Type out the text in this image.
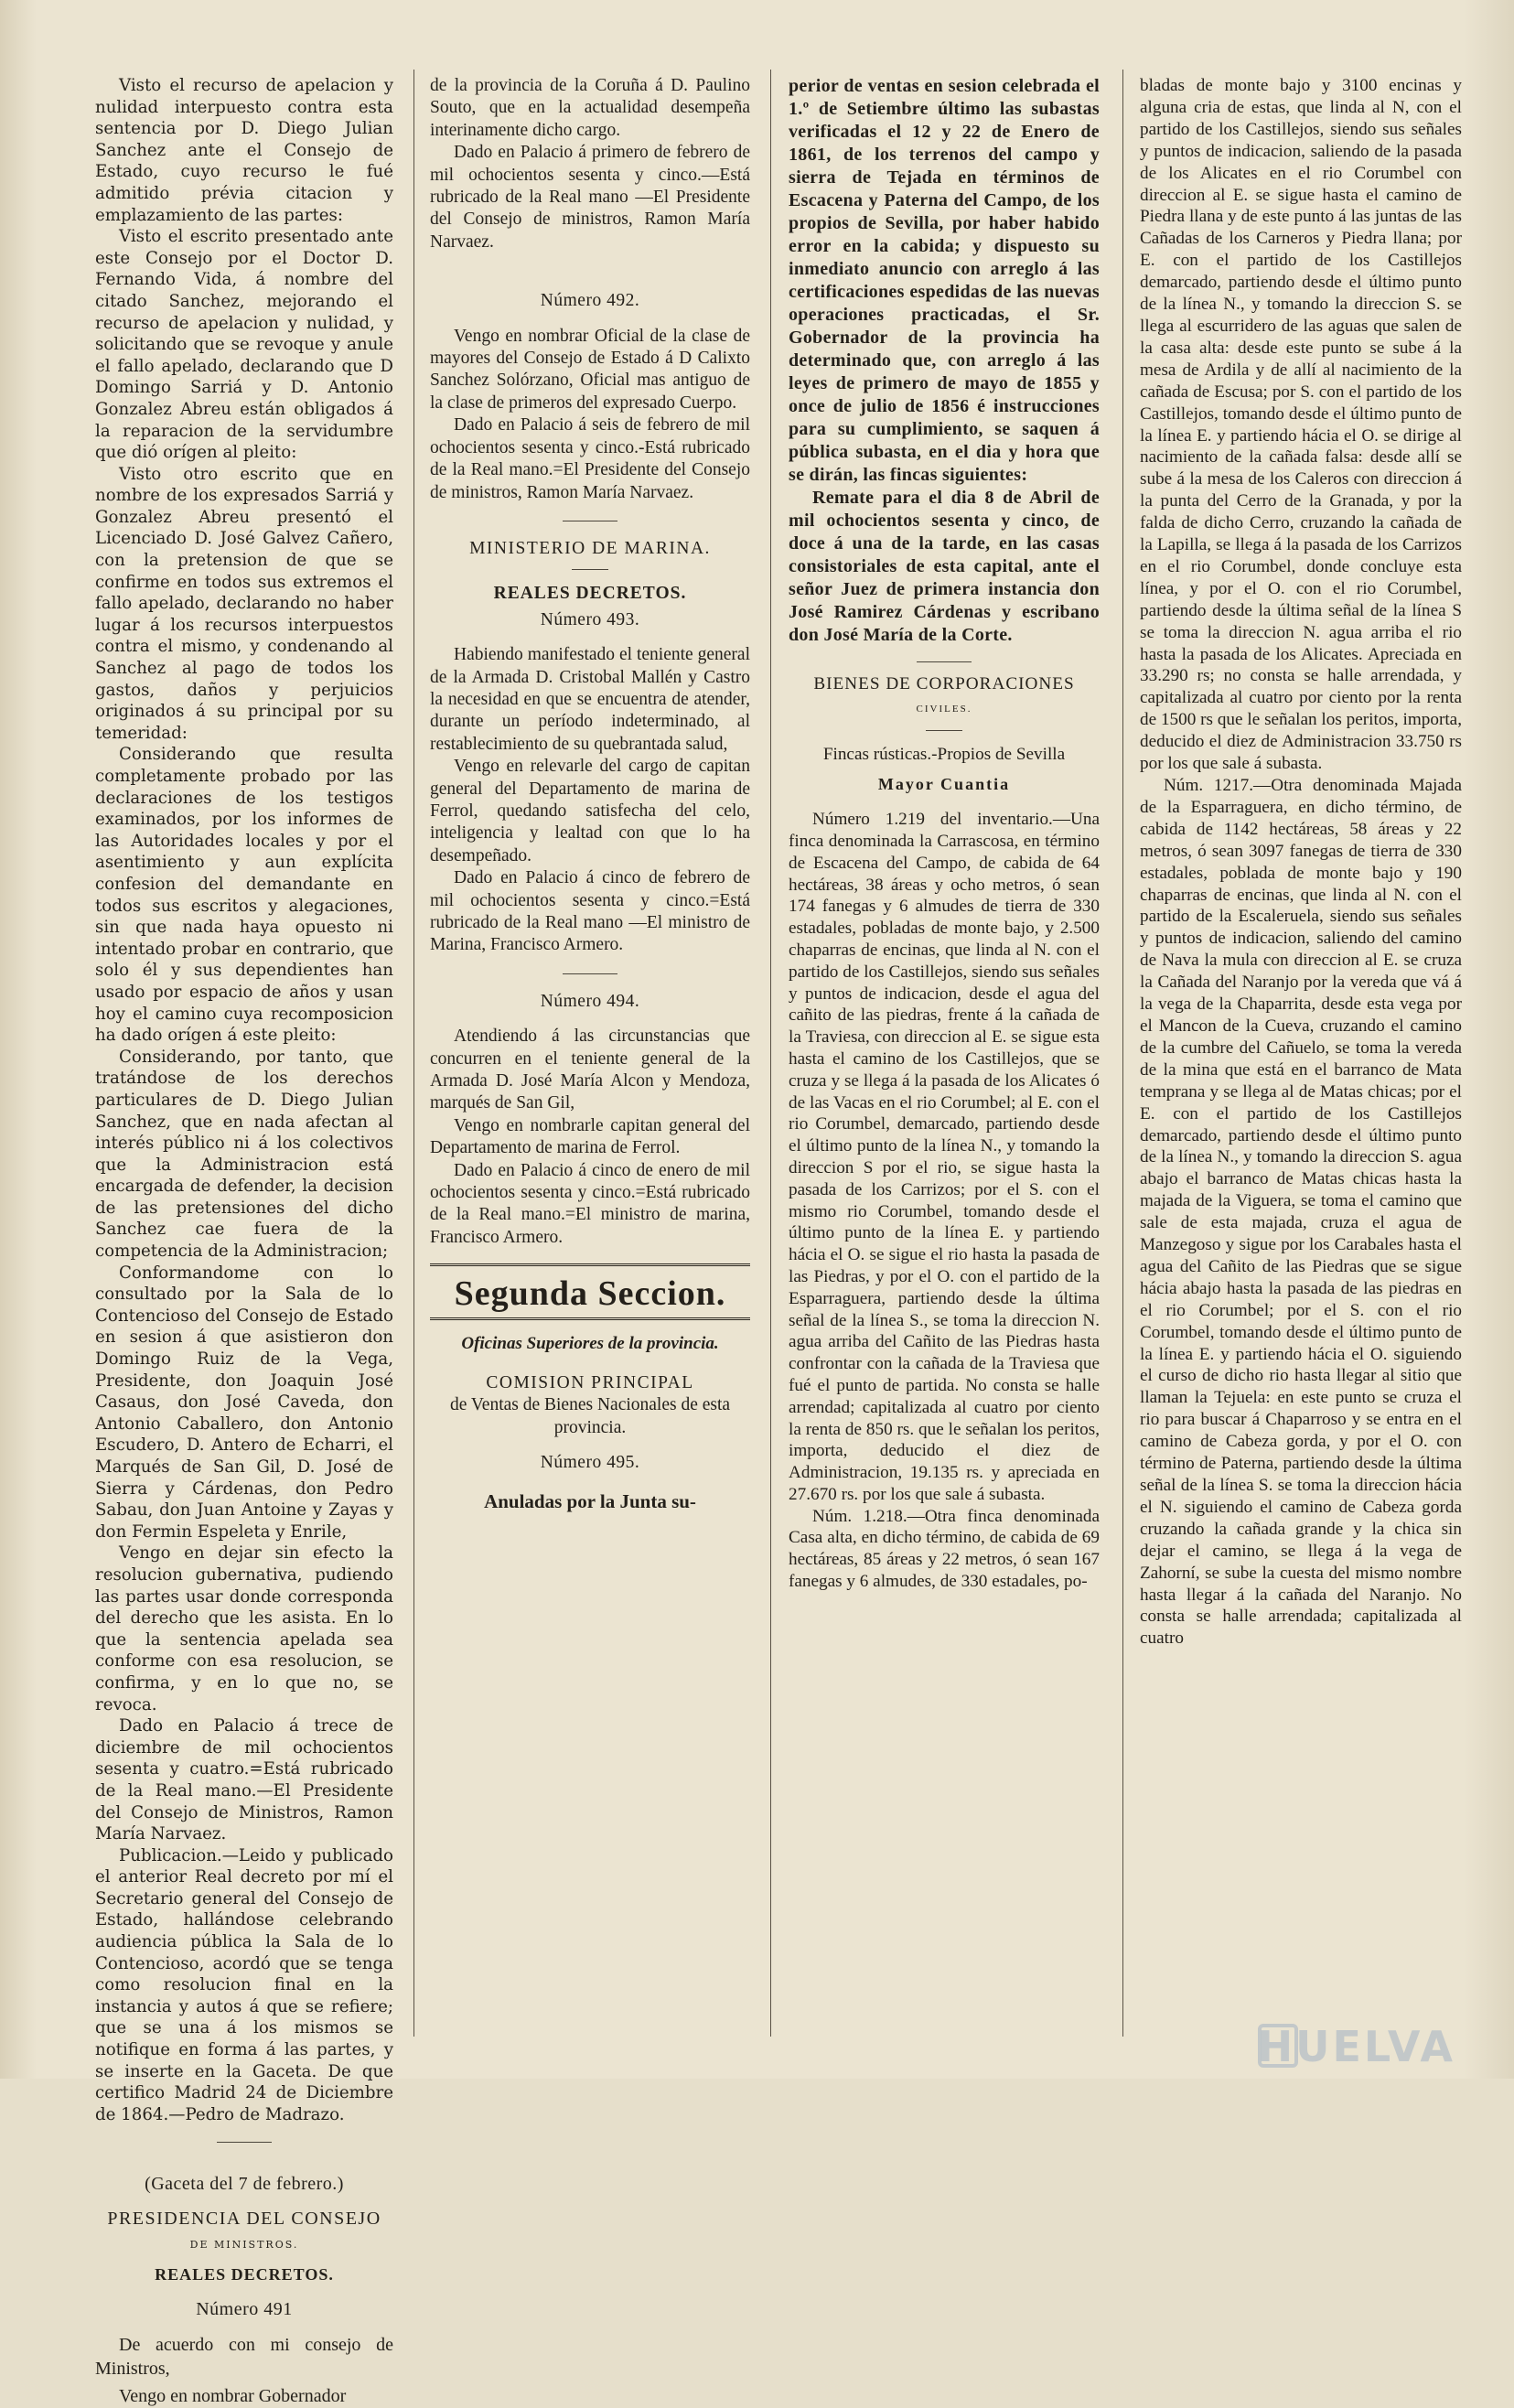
Visto el recurso de apelacion y nulidad interpuesto contra esta sentencia por D. Diego Julian Sanchez ante el Consejo de Estado, cuyo recurso le fué admitido prévia citacion y emplazamiento de las partes:

Visto el escrito presentado ante este Consejo por el Doctor D. Fernando Vida, á nombre del citado Sanchez, mejorando el recurso de apelacion y nulidad, y solicitando que se revoque y anule el fallo apelado, declarando que D Domingo Sarriá y D. Antonio Gonzalez Abreu están obligados á la reparacion de la servidumbre que dió orígen al pleito:

Visto otro escrito que en nombre de los expresados Sarriá y Gonzalez Abreu presentó el Licenciado D. José Galvez Cañero, con la pretension de que se confirme en todos sus extremos el fallo apelado, declarando no haber lugar á los recursos interpuestos contra el mismo, y condenando al Sanchez al pago de todos los gastos, daños y perjuicios originados á su principal por su temeridad:

Considerando que resulta completamente probado por las declaraciones de los testigos examinados, por los informes de las Autoridades locales y por el asentimiento y aun explícita confesion del demandante en todos sus escritos y alegaciones, sin que nada haya opuesto ni intentado probar en contrario, que solo él y sus dependientes han usado por espacio de años y usan hoy el camino cuya recomposicion ha dado orígen á este pleito:

Considerando, por tanto, que tratándose de los derechos particulares de D. Diego Julian Sanchez, que en nada afectan al interés público ni á los colectivos que la Administracion está encargada de defender, la decision de las pretensiones del dicho Sanchez cae fuera de la competencia de la Administracion;

Conformandome con lo consultado por la Sala de lo Contencioso del Consejo de Estado en sesion á que asistieron don Domingo Ruiz de la Vega, Presidente, don Joaquin José Casaus, don José Caveda, don Antonio Caballero, don Antonio Escudero, D. Antero de Echarri, el Marqués de San Gil, D. José de Sierra y Cárdenas, don Pedro Sabau, don Juan Antoine y Zayas y don Fermin Espeleta y Enrile,

Vengo en dejar sin efecto la resolucion gubernativa, pudiendo las partes usar donde corresponda del derecho que les asista. En lo que la sentencia apelada sea conforme con esa resolucion, se confirma, y en lo que no, se revoca.

Dado en Palacio á trece de diciembre de mil ochocientos sesenta y cuatro.=Está rubricado de la Real mano.—El Presidente del Consejo de Ministros, Ramon María Narvaez.

Publicacion.—Leido y publicado el anterior Real decreto por mí el Secretario general del Consejo de Estado, hallándose celebrando audiencia pública la Sala de lo Contencioso, acordó que se tenga como resolucion final en la instancia y autos á que se refiere; que se una á los mismos se notifique en forma á las partes, y se inserte en la Gaceta. De que certifico Madrid 24 de Diciembre de 1864.—Pedro de Madrazo.

(Gaceta del 7 de febrero.)

PRESIDENCIA DEL CONSEJO

DE MINISTROS.

REALES DECRETOS.

Número 491

De acuerdo con mi consejo de Ministros,

Vengo en nombrar Gobernador

de la provincia de la Coruña á D. Paulino Souto, que en la actualidad desempeña interinamente dicho cargo.

Dado en Palacio á primero de febrero de mil ochocientos sesenta y cinco.—Está rubricado de la Real mano —El Presidente del Consejo de ministros, Ramon María Narvaez.

Número 492.

Vengo en nombrar Oficial de la clase de mayores del Consejo de Estado á D Calixto Sanchez Solórzano, Oficial mas antiguo de la clase de primeros del expresado Cuerpo.

Dado en Palacio á seis de febrero de mil ochocientos sesenta y cinco.-Está rubricado de la Real mano.=El Presidente del Consejo de ministros, Ramon María Narvaez.

MINISTERIO DE MARINA.

REALES DECRETOS.

Número 493.

Habiendo manifestado el teniente general de la Armada D. Cristobal Mallén y Castro la necesidad en que se encuentra de atender, durante un período indeterminado, al restablecimiento de su quebrantada salud,

Vengo en relevarle del cargo de capitan general del Departamento de marina de Ferrol, quedando satisfecha del celo, inteligencia y lealtad con que lo ha desempeñado.

Dado en Palacio á cinco de febrero de mil ochocientos sesenta y cinco.=Está rubricado de la Real mano —El ministro de Marina, Francisco Armero.

Número 494.

Atendiendo á las circunstancias que concurren en el teniente general de la Armada D. José María Alcon y Mendoza, marqués de San Gil,

Vengo en nombrarle capitan general del Departamento de marina de Ferrol.

Dado en Palacio á cinco de enero de mil ochocientos sesenta y cinco.=Está rubricado de la Real mano.=El ministro de marina, Francisco Armero.

Segunda Seccion.

Oficinas Superiores de la provincia.

COMISION PRINCIPAL

de Ventas de Bienes Nacionales de esta provincia.

Número 495.

Anuladas por la Junta su-

perior de ventas en sesion celebrada el 1.º de Setiembre último las subastas verificadas el 12 y 22 de Enero de 1861, de los terrenos del campo y sierra de Tejada en términos de Escacena y Paterna del Campo, de los propios de Sevilla, por haber habido error en la cabida; y dispuesto su inmediato anuncio con arreglo á las certificaciones espedidas de las nuevas operaciones practicadas, el Sr. Gobernador de la provincia ha determinado que, con arreglo á las leyes de primero de mayo de 1855 y once de julio de 1856 é instrucciones para su cumplimiento, se saquen á pública subasta, en el dia y hora que se dirán, las fincas siguientes:

Remate para el dia 8 de Abril de mil ochocientos sesenta y cinco, de doce á una de la tarde, en las casas consistoriales de esta capital, ante el señor Juez de primera instancia don José Ramirez Cárdenas y escribano don José María de la Corte.

BIENES DE CORPORACIONES

CIVILES.

Fincas rústicas.-Propios de Sevilla

Mayor Cuantia

Número 1.219 del inventario.—Una finca denominada la Carrascosa, en término de Escacena del Campo, de cabida de 64 hectáreas, 38 áreas y ocho metros, ó sean 174 fanegas y 6 almudes de tierra de 330 estadales, pobladas de monte bajo, y 2.500 chaparras de encinas, que linda al N. con el partido de los Castillejos, siendo sus señales y puntos de indicacion, desde el agua del cañito de las piedras, frente á la cañada de la Traviesa, con direccion al E. se sigue esta hasta el camino de los Castillejos, que se cruza y se llega á la pasada de los Alicates ó de las Vacas en el rio Corumbel; al E. con el rio Corumbel, demarcado, partiendo desde el último punto de la línea N., y tomando la direccion S por el rio, se sigue hasta la pasada de los Carrizos; por el S. con el mismo rio Corumbel, tomando desde el último punto de la línea E. y partiendo hácia el O. se sigue el rio hasta la pasada de las Piedras, y por el O. con el partido de la Esparraguera, partiendo desde la última señal de la línea S., se toma la direccion N. agua arriba del Cañito de las Piedras hasta confrontar con la cañada de la Traviesa que fué el punto de partida. No consta se halle arrendad; capitalizada al cuatro por ciento la renta de 850 rs. que le señalan los peritos, importa, deducido el diez de Administracion, 19.135 rs. y apreciada en 27.670 rs. por los que sale á subasta.

Núm. 1.218.—Otra finca denominada Casa alta, en dicho término, de cabida de 69 hectáreas, 85 áreas y 22 metros, ó sean 167 fanegas y 6 almudes, de 330 estadales, po-

bladas de monte bajo y 3100 encinas y alguna cria de estas, que linda al N, con el partido de los Castillejos, siendo sus señales y puntos de indicacion, saliendo de la pasada de los Alicates en el rio Corumbel con direccion al E. se sigue hasta el camino de Piedra llana y de este punto á las juntas de las Cañadas de los Carneros y Piedra llana; por E. con el partido de los Castillejos demarcado, partiendo desde el último punto de la línea N., y tomando la direccion S. se llega al escurridero de las aguas que salen de la casa alta: desde este punto se sube á la mesa de Ardila y de allí al nacimiento de la cañada de Escusa; por S. con el partido de los Castillejos, tomando desde el último punto de la línea E. y partiendo hácia el O. se dirige al nacimiento de la cañada falsa: desde allí se sube á la mesa de los Caleros con direccion á la punta del Cerro de la Granada, y por la falda de dicho Cerro, cruzando la cañada de la Lapilla, se llega á la pasada de los Carrizos en el rio Corumbel, donde concluye esta línea, y por el O. con el rio Corumbel, partiendo desde la última señal de la línea S se toma la direccion N. agua arriba el rio hasta la pasada de los Alicates. Apreciada en 33.290 rs; no consta se halle arrendada, y capitalizada al cuatro por ciento por la renta de 1500 rs que le señalan los peritos, importa, deducido el diez de Administracion 33.750 rs por los que sale á subasta.

Núm. 1217.—Otra denominada Majada de la Esparraguera, en dicho término, de cabida de 1142 hectáreas, 58 áreas y 22 metros, ó sean 3097 fanegas de tierra de 330 estadales, poblada de monte bajo y 190 chaparras de encinas, que linda al N. con el partido de la Escaleruela, siendo sus señales y puntos de indicacion, saliendo del camino de Nava la mula con direccion al E. se cruza la Cañada del Naranjo por la vereda que vá á la vega de la Chaparrita, desde esta vega por el Mancon de la Cueva, cruzando el camino de la cumbre del Cañuelo, se toma la vereda de la mina que está en el barranco de Mata temprana y se llega al de Matas chicas; por el E. con el partido de los Castillejos demarcado, partiendo desde el último punto de la línea N., y tomando la direccion S. agua abajo el barranco de Matas chicas hasta la majada de la Viguera, se toma el camino que sale de esta majada, cruza el agua de Manzegoso y sigue por los Carabales hasta el agua del Cañito de las Piedras que se sigue hácia abajo hasta la pasada de las piedras en el rio Corumbel; por el S. con el rio Corumbel, tomando desde el último punto de la línea E. y partiendo hácia el O. siguiendo el curso de dicho rio hasta llegar al sitio que llaman la Tejuela: en este punto se cruza el rio para buscar á Chaparroso y se entra en el camino de Cabeza gorda, y por el O. con término de Paterna, partiendo desde la última señal de la línea S. se toma la direccion hácia el N. siguiendo el camino de Cabeza gorda cruzando la cañada grande y la chica sin dejar el camino, se llega á la vega de Zahorní, se sube la cuesta del mismo nombre hasta llegar á la cañada del Naranjo. No consta se halle arrendada; capitalizada al cuatro

HUELVA
